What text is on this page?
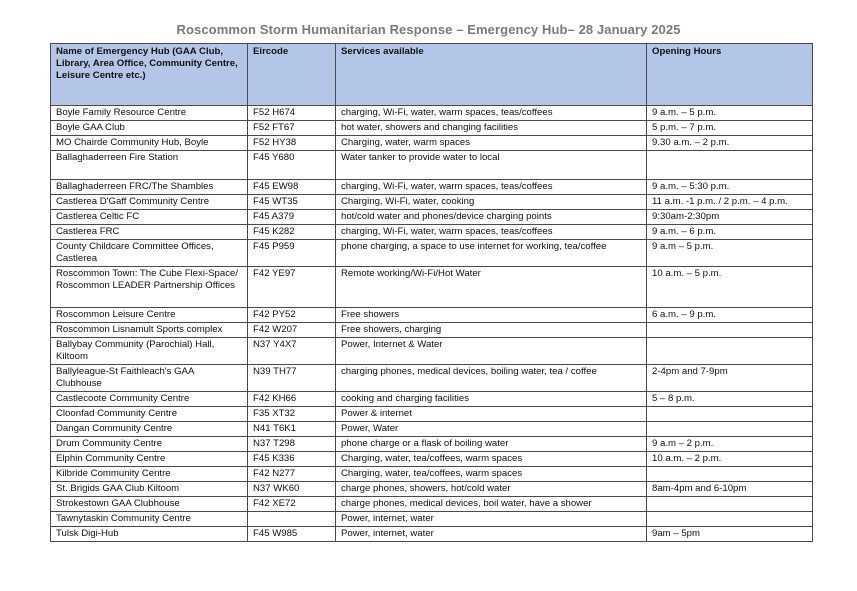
Roscommon Storm Humanitarian Response – Emergency Hub– 28 January 2025
Name of Emergency Hub (GAA Club, Library, Area Office, Community Centre, Leisure Centre etc.)	Eircode	Services available	Opening Hours
Boyle Family Resource Centre	F52 H674	charging, Wi-Fi, water, warm spaces, teas/coffees	9 a.m. – 5 p.m.
Boyle GAA Club	F52 FT67	hot water, showers and changing facilities	5 p.m. – 7 p.m.
MO Chairde Community Hub, Boyle	F52 HY38	Charging, water, warm spaces	9.30 a.m. – 2 p.m.
Ballaghaderreen Fire Station	F45 Y680	Water tanker to provide water to local	
Ballaghaderreen FRC/The Shambles	F45 EW98	charging, Wi-Fi, water, warm spaces, teas/coffees	9 a.m. – 5:30 p.m.
Castlerea D'Gaff Community Centre	F45 WT35	Charging, Wi-Fi, water, cooking	11 a.m. -1 p.m. / 2 p.m. – 4 p.m.
Castlerea Celtic FC	F45 A379	hot/cold water and phones/device charging points	9:30am-2:30pm
Castlerea FRC	F45 K282	charging, Wi-Fi, water, warm spaces, teas/coffees	9 a.m. – 6 p.m.
County Childcare Committee Offices, Castlerea	F45 P959	phone charging, a space to use internet for working, tea/coffee	9 a.m – 5 p.m.
Roscommon Town: The Cube Flexi-Space/ Roscommon LEADER Partnership Offices	F42 YE97	Remote working/Wi-Fi/Hot Water	10 a.m. – 5 p.m.
Roscommon Leisure Centre	F42 PY52	Free showers	6 a.m. – 9 p.m.
Roscommon Lisnamult Sports complex	F42 W207	Free showers, charging	
Ballybay Community (Parochial) Hall, Kiltoom	N37 Y4X7	Power, Internet & Water	
Ballyleague-St Faithleach's GAA Clubhouse	N39 TH77	charging phones, medical devices, boiling water, tea / coffee	2-4pm and 7-9pm
Castlecoote Community Centre	F42 KH66	cooking and charging facilities	5 – 8 p.m.
Cloonfad Community Centre	F35 XT32	Power & internet	
Dangan Community Centre	N41 T6K1	Power, Water	
Drum Community Centre	N37 T298	phone charge or a flask of boiling water	9 a.m – 2 p.m.
Elphin Community Centre	F45 K336	Charging, water, tea/coffees, warm spaces	10 a.m. – 2 p.m.
Kilbride Community Centre	F42 N277	Charging, water, tea/coffees, warm spaces	
St. Brigids GAA Club Kiltoom	N37 WK60	charge phones, showers, hot/cold water	8am-4pm and 6-10pm
Strokestown GAA Clubhouse	F42 XE72	charge phones, medical devices, boil water, have a shower	
Tawnytaskin Community Centre		Power, internet, water	
Tulsk Digi-Hub	F45 W985	Power, internet, water	9am – 5pm
